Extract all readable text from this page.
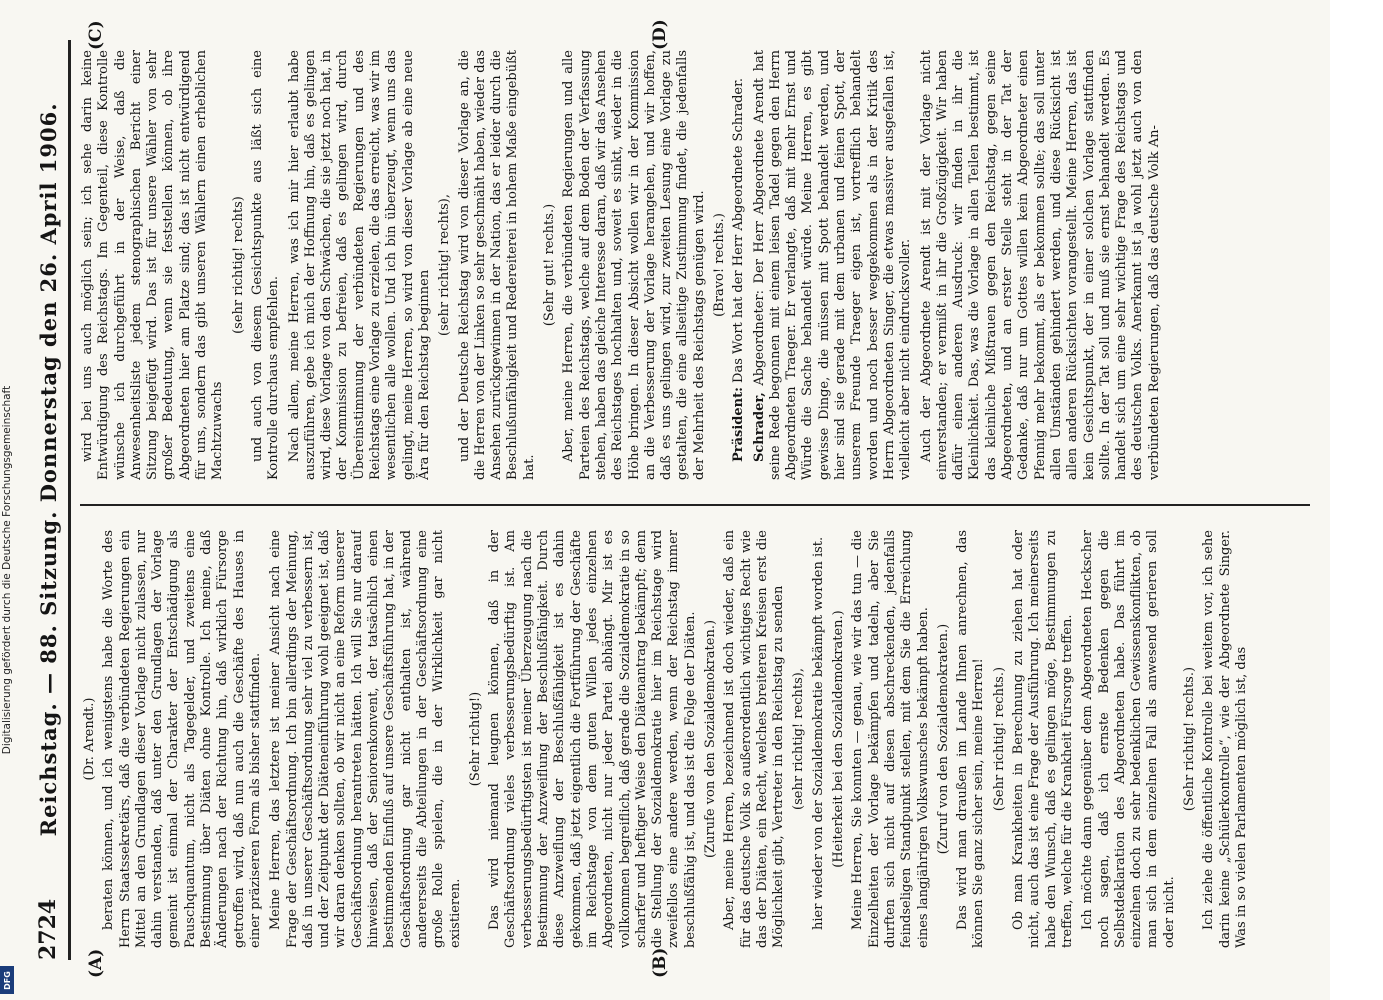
2724
Reichstag. — 88. Sitzung. Donnerstag den 26. April 1906.
(A)	(B)
(C)	(D)

(Dr. Arendt.) beraten können, und ich wenigstens habe die Worte des Herrn Staatssekretärs, daß die verbündeten Regierungen ein Mittel an den Grundlagen dieser Vorlage nicht zulassen, nur dahin verstanden, daß unter den Grundlagen der Vorlage gemeint ist einmal der Charakter der Entschädigung als Pauschquantum, nicht als Tagegelder, und zweitens eine Bestimmung über Diäten ohne Kontrolle. Ich meine, daß Änderungen nach der Richtung hin, daß wirklich Fürsorge getroffen wird, daß nun auch die Geschäfte des Hauses in einer präziseren Form als bisher stattfinden. Meine Herren, das letztere ist meiner Ansicht nach eine Frage der Geschäftsordnung. Ich bin allerdings der Meinung, daß in unserer Geschäftsordnung sehr viel zu verbessern ist, und der Zeitpunkt der Diäteneinführung wohl geeignet ist, daß wir daran denken sollten, ob wir nicht an eine Reform unserer Geschäftsordnung herantreten hätten. Ich will Sie nur darauf hinweisen, daß der Seniorenkonvent, der tatsächlich einen bestimmenden Einfluß auf unsere Geschäftsführung hat, in der Geschäftsordnung gar nicht enthalten ist, während andererseits die Abteilungen in der Geschäftsordnung eine große Rolle spielen, die in der Wirklichkeit gar nicht existieren.

(Sehr richtig!) Das wird niemand leugnen können, daß in der Geschäftsordnung vieles verbesserungsbedürftig ist. Am verbesserungsbedürftigsten ist meiner Überzeugung nach die Bestimmung der Anzweiflung der Beschlußfähigkeit. Durch diese Anzweiflung der Beschlußfähigkeit ist es dahin gekommen, daß jetzt eigentlich die Fortführung der Geschäfte im Reichstage von dem guten Willen jedes einzelnen Abgeordneten, nicht nur jeder Partei abhängt. Mir ist es vollkommen begreiflich, daß gerade die Sozialdemokratie in so scharfer und heftiger Weise den Diätenantrag bekämpft; denn die Stellung der Sozialdemokratie hier im Reichstage wird zweifellos eine andere werden, wenn der Reichstag immer beschlußfähig ist, und das ist die Folge der Diäten. (Zurufe von den Sozialdemokraten.) Aber, meine Herren, bezeichnend ist doch wieder, daß ein für das deutsche Volk so außerordentlich wichtiges Recht wie das der Diäten, ein Recht, welches breiteren Kreisen erst die Möglichkeit gibt, Vertreter in den Reichstag zu senden (sehr richtig! rechts), hier wieder von der Sozialdemokratie bekämpft worden ist. (Heiterkeit bei den Sozialdemokraten.) Meine Herren, Sie konnten — genau, wie wir das tun — die Einzelheiten der Vorlage bekämpfen und tadeln, aber Sie durften sich nicht auf diesen abschreckenden, jedenfalls feindseligen Standpunkt stellen, mit dem Sie die Erreichung eines langjährigen Volkswunsches bekämpft haben. (Zuruf von den Sozialdemokraten.) Das wird man draußen im Lande Ihnen anrechnen, das können Sie ganz sicher sein, meine Herren! (Sehr richtig! rechts.) Ob man Krankheiten in Berechnung zu ziehen hat oder nicht, auch das ist eine Frage der Ausführung. Ich meinerseits habe den Wunsch, daß es gelingen möge, Bestimmungen zu treffen, welche für die Krankheit Fürsorge treffen. Ich möchte dann gegenüber dem Abgeordneten Heckscher noch sagen, daß ich ernste Bedenken gegen die Selbstdeklaration des Abgeordneten habe. Das führt im einzelnen doch zu sehr bedenklichen Gewissenskonflikten, ob man sich in dem einzelnen Fall als anwesend gerieren soll oder nicht.

(Sehr richtig! rechts.) Ich ziehe die öffentliche Kontrolle bei weitem vor, ich sehe darin keine „Schülerkontrolle“, wie der Abgeordnete Singer. Was in so vielen Parlamenten möglich ist, das

wird bei uns auch möglich sein; ich sehe darin keine Entwürdigung des Reichstags. Im Gegenteil, diese Kontrolle wünsche ich durchgeführt in der Weise, daß die Anwesenheitsliste jedem stenographischen Bericht einer Sitzung beigefügt wird. Das ist für unsere Wähler von sehr großer Bedeutung, wenn sie feststellen können, ob ihre Abgeordneten hier am Platze sind; das ist nicht entwürdigend für uns, sondern das gibt unseren Wählern einen erheblichen Machtzuwachs

(sehr richtig! rechts) und auch von diesem Gesichtspunkte aus läßt sich eine Kontrolle durchaus empfehlen. Nach allem, meine Herren, was ich mir hier erlaubt habe auszuführen, gebe ich mich der Hoffnung hin, daß es gelingen wird, diese Vorlage von den Schwächen, die sie jetzt noch hat, in der Kommission zu befreien, daß es gelingen wird, durch Übereinstimmung der verbündeten Regierungen und des Reichstags eine Vorlage zu erzielen, die das erreicht, was wir im wesentlichen alle wollen. Und ich bin überzeugt, wenn uns das gelingt, meine Herren, so wird von dieser Vorlage ab eine neue Ära für den Reichstag beginnen

(sehr richtig! rechts), und der Deutsche Reichstag wird von dieser Vorlage an, die die Herren von der Linken so sehr geschmäht haben, wieder das Ansehen zurückgewinnen in der Nation, das er leider durch die Beschlußunfähigkeit und Redereiterei in hohem Maße eingebüßt hat.

(Sehr gut! rechts.) Aber, meine Herren, die verbündeten Regierungen und alle Parteien des Reichstags, welche auf dem Boden der Verfassung stehen, haben das gleiche Interesse daran, daß wir das Ansehen des Reichstages hochhalten und, soweit es sinkt, wieder in die Höhe bringen. In dieser Absicht wollen wir in der Kommission an die Verbesserung der Vorlage herangehen, und wir hoffen, daß es uns gelingen wird, zur zweiten Lesung eine Vorlage zu gestalten, die eine allseitige Zustimmung findet, die jedenfalls der Mehrheit des Reichstags genügen wird. (Bravo! rechts.)

Präsident: Das Wort hat der Herr Abgeordnete Schrader.

Schrader, Abgeordneter: Der Herr Abgeordnete Arendt hat seine Rede begonnen mit einem leisen Tadel gegen den Herrn Abgeordneten Traeger. Er verlangte, daß mit mehr Ernst und Würde die Sache behandelt würde. Meine Herren, es gibt gewisse Dinge, die müssen mit Spott behandelt werden, und hier sind sie gerade mit dem urbanen und feinen Spott, der unserem Freunde Traeger eigen ist, vortrefflich behandelt worden und noch besser weggekommen als in der Kritik des Herrn Abgeordneten Singer, die etwas massiver ausgefallen ist, vielleicht aber nicht eindrucksvoller. Auch der Abgeordnete Arendt ist mit der Vorlage nicht einverstanden; er vermißt in ihr die Großzügigkeit. Wir haben dafür einen anderen Ausdruck: wir finden in ihr die Kleinlichkeit. Das, was die Vorlage in allen Teilen bestimmt, ist das kleinliche Mißtrauen gegen den Reichstag, gegen seine Abgeordneten, und an erster Stelle steht in der Tat der Gedanke, daß nur um Gottes willen kein Abgeordneter einen Pfennig mehr bekommt, als er bekommen sollte; das soll unter allen Umständen gehindert werden, und diese Rücksicht ist allen anderen Rücksichten vorangestellt. Meine Herren, das ist kein Gesichtspunkt, der in einer solchen Vorlage stattfinden sollte. In der Tat soll und muß sie ernst behandelt werden. Es handelt sich um eine sehr wichtige Frage des Reichstags und des deutschen Volks. Anerkannt ist ja wohl jetzt auch von den verbündeten Regierungen, daß das deutsche Volk An-

Digitalisierung gefördert durch die Deutsche Forschungsgemeinschaft
DFG
